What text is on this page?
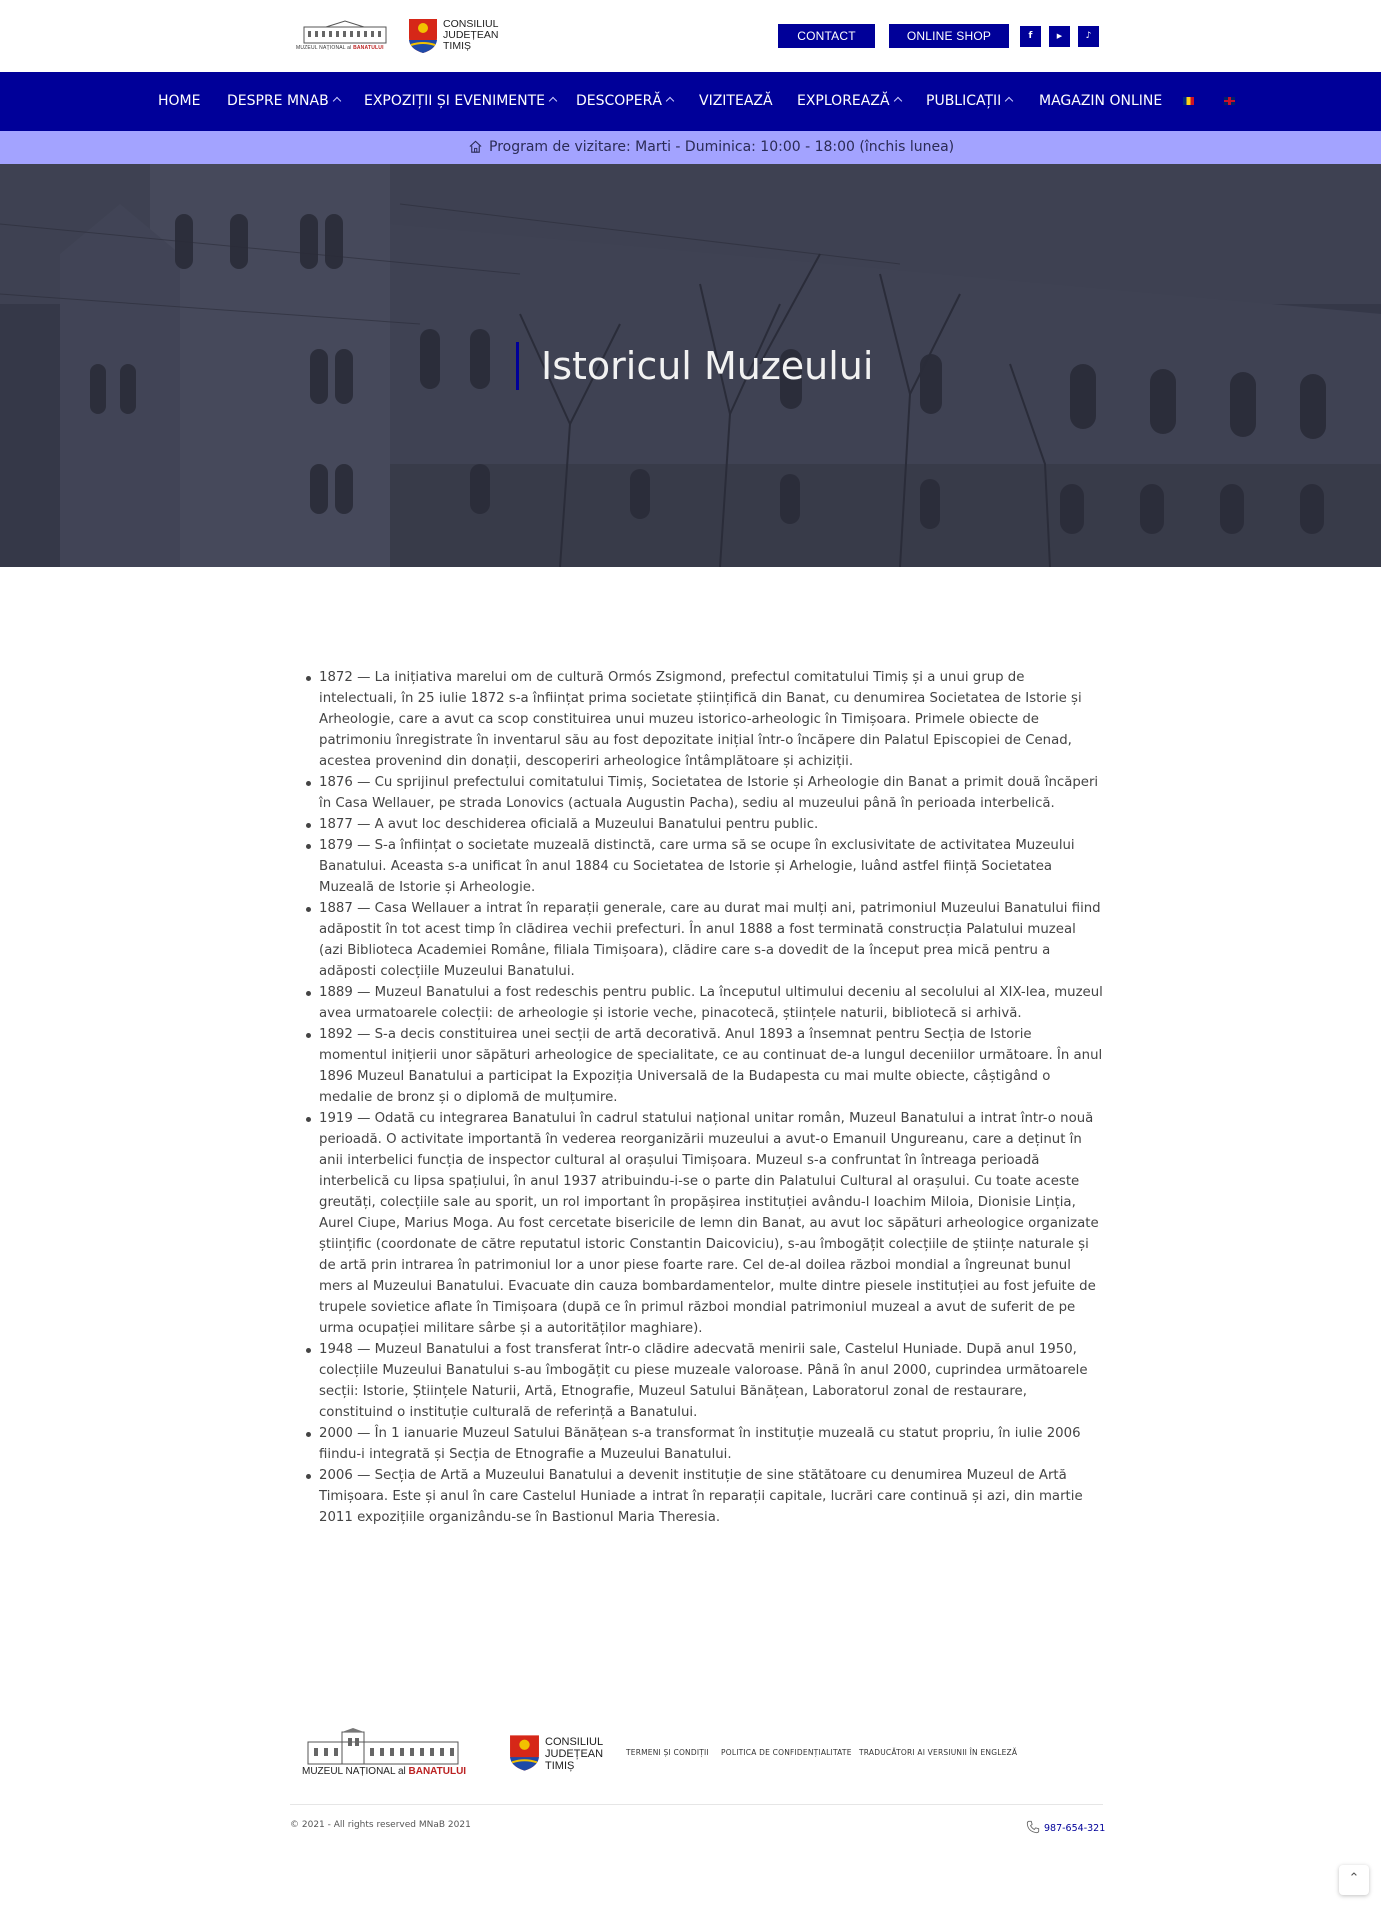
MUZEUL NAȚIONAL al BANATULUI
CONSILIUL
JUDEȚEAN
TIMIȘ
CONTACT	ONLINE SHOP	f	▶	♪
HOME DESPRE MNAB	EXPOZIȚII ȘI EVENIMENTE	DESCOPERĂ	VIZITEAZĂ EXPLOREAZĂ	PUBLICAȚII	MAGAZIN ONLINE
Program de vizitare: Marti - Duminica: 10:00 - 18:00 (închis lunea)
Istoricul Muzeului
1872 — La inițiativa marelui om de cultură Ormós Zsigmond, prefectul comitatului Timiș și a unui grup de intelectuali, în 25 iulie 1872 s-a înființat prima societate științifică din Banat, cu denumirea Societatea de Istorie și Arheologie, care a avut ca scop constituirea unui muzeu istorico-arheologic în Timișoara. Primele obiecte de patrimoniu înregistrate în inventarul său au fost depozitate inițial într-o încăpere din Palatul Episcopiei de Cenad, acestea provenind din donații, descoperiri arheologice întâmplătoare și achiziții.
1876 — Cu sprijinul prefectului comitatului Timiș, Societatea de Istorie și Arheologie din Banat a primit două încăperi în Casa Wellauer, pe strada Lonovics (actuala Augustin Pacha), sediu al muzeului până în perioada interbelică.
1877 — A avut loc deschiderea oficială a Muzeului Banatului pentru public.
1879 — S-a înființat o societate muzeală distinctă, care urma să se ocupe în exclusivitate de activitatea Muzeului Banatului. Aceasta s-a unificat în anul 1884 cu Societatea de Istorie și Arhelogie, luând astfel ființă Societatea Muzeală de Istorie și Arheologie.
1887 — Casa Wellauer a intrat în reparații generale, care au durat mai mulți ani, patrimoniul Muzeului Banatului fiind adăpostit în tot acest timp în clădirea vechii prefecturi. În anul 1888 a fost terminată construcția Palatului muzeal (azi Biblioteca Academiei Române, filiala Timișoara), clădire care s-a dovedit de la început prea mică pentru a adăposti colecțiile Muzeului Banatului.
1889 — Muzeul Banatului a fost redeschis pentru public. La începutul ultimului deceniu al secolului al XIX-lea, muzeul avea urmatoarele colecții: de arheologie și istorie veche, pinacotecă, științele naturii, bibliotecă si arhivă.
1892 — S-a decis constituirea unei secții de artă decorativă. Anul 1893 a însemnat pentru Secția de Istorie momentul inițierii unor săpături arheologice de specialitate, ce au continuat de-a lungul deceniilor următoare. În anul 1896 Muzeul Banatului a participat la Expoziția Universală de la Budapesta cu mai multe obiecte, câștigând o medalie de bronz și o diplomă de mulțumire.
1919 — Odată cu integrarea Banatului în cadrul statului național unitar român, Muzeul Banatului a intrat într-o nouă perioadă. O activitate importantă în vederea reorganizării muzeului a avut-o Emanuil Ungureanu, care a deținut în anii interbelici funcția de inspector cultural al orașului Timișoara. Muzeul s-a confruntat în întreaga perioadă interbelică cu lipsa spațiului, în anul 1937 atribuindu-i-se o parte din Palatului Cultural al orașului. Cu toate aceste greutăți, colecțiile sale au sporit, un rol important în propășirea instituției avându-l Ioachim Miloia, Dionisie Linția, Aurel Ciupe, Marius Moga. Au fost cercetate bisericile de lemn din Banat, au avut loc săpături arheologice organizate științific (coordonate de către reputatul istoric Constantin Daicoviciu), s-au îmbogățit colecțiile de științe naturale și de artă prin intrarea în patrimoniul lor a unor piese foarte rare. Cel de-al doilea război mondial a îngreunat bunul mers al Muzeului Banatului. Evacuate din cauza bombardamentelor, multe dintre piesele instituției au fost jefuite de trupele sovietice aflate în Timișoara (după ce în primul război mondial patrimoniul muzeal a avut de suferit de pe urma ocupației militare sârbe și a autorităților maghiare).
1948 — Muzeul Banatului a fost transferat într-o clădire adecvată menirii sale, Castelul Huniade. După anul 1950, colecțiile Muzeului Banatului s-au îmbogățit cu piese muzeale valoroase. Până în anul 2000, cuprindea următoarele secții: Istorie, Științele Naturii, Artă, Etnografie, Muzeul Satului Bănățean, Laboratorul zonal de restaurare, constituind o instituție culturală de referință a Banatului.
2000 — În 1 ianuarie Muzeul Satului Bănățean s-a transformat în instituție muzeală cu statut propriu, în iulie 2006 fiindu-i integrată și Secția de Etnografie a Muzeului Banatului.
2006 — Secția de Artă a Muzeului Banatului a devenit instituție de sine stătătoare cu denumirea Muzeul de Artă Timișoara. Este și anul în care Castelul Huniade a intrat în reparații capitale, lucrări care continuă și azi, din martie 2011 expozițiile organizându-se în Bastionul Maria Theresia.
MUZEUL NAȚIONAL al BANATULUI
CONSILIUL
JUDEȚEAN
TIMIȘ
TERMENI ȘI CONDIȚII POLITICA DE CONFIDENȚIALITATE TRADUCĂTORI AI VERSIUNII ÎN ENGLEZĂ
© 2021 - All rights reserved MNaB 2021	987-654-321
⌃
